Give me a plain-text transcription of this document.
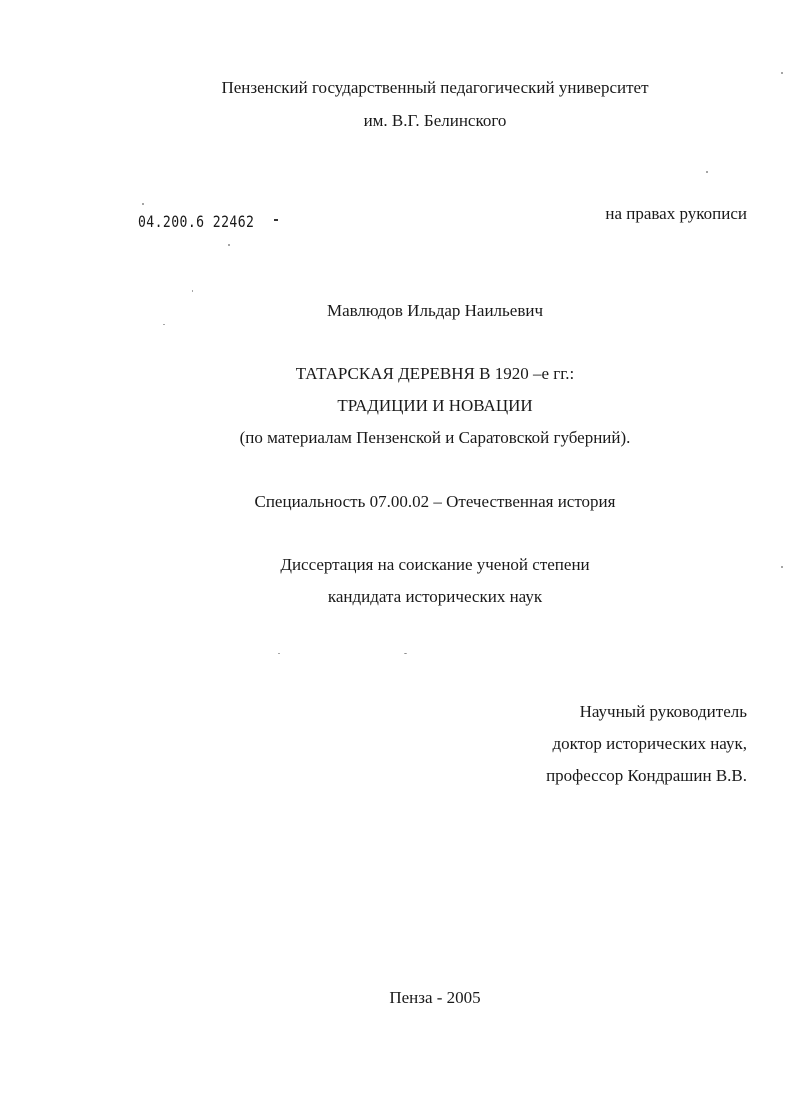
Пензенский государственный педагогический университет
им. В.Г. Белинского
04.200.6 22462	на правах рукописи
Мавлюдов Ильдар Наильевич
ТАТАРСКАЯ ДЕРЕВНЯ В 1920 –е гг.:
ТРАДИЦИИ И НОВАЦИИ
(по материалам Пензенской и Саратовской губерний).
Специальность 07.00.02 – Отечественная история
Диссертация на соискание ученой степени
кандидата исторических наук
Научный руководитель
доктор исторических наук,
профессор Кондрашин В.В.
Пенза - 2005
